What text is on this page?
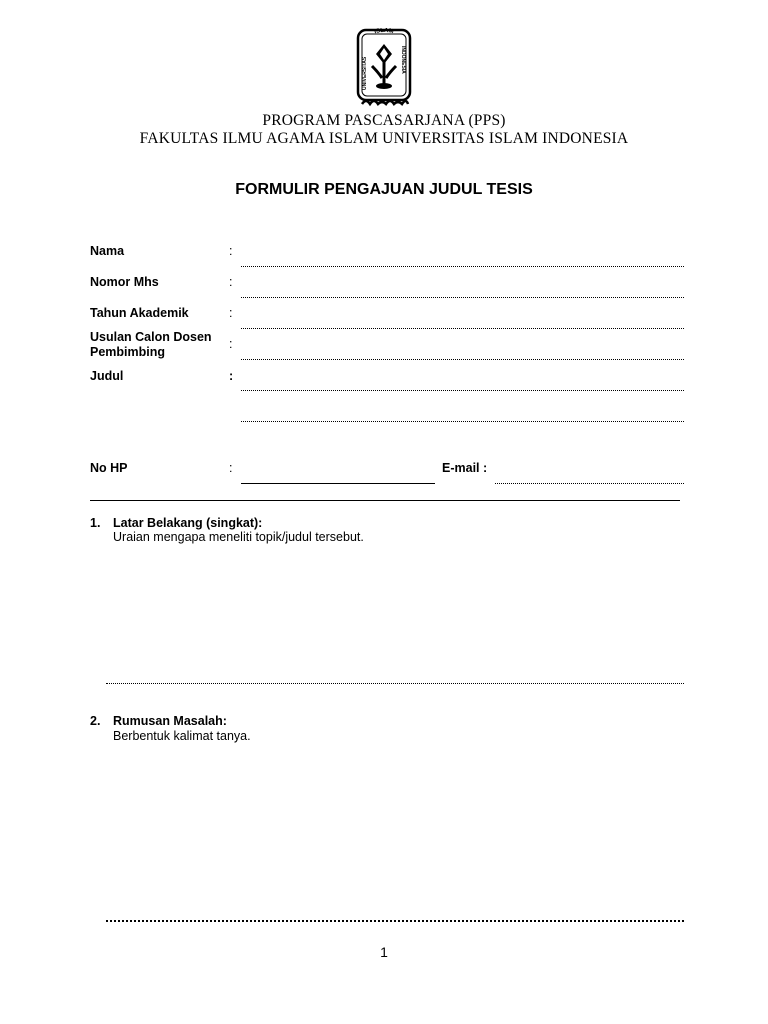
ISLAM
UNIVERSITAS	INDONESIA
PROGRAM PASCASARJANA (PPS)
FAKULTAS ILMU AGAMA ISLAM UNIVERSITAS ISLAM INDONESIA
FORMULIR PENGAJUAN JUDUL TESIS
Nama	:
Nomor Mhs	:
Tahun Akademik	:
Usulan Calon Dosen
Pembimbing
:
Judul	:
No HP	:	E-mail :
1. Latar Belakang (singkat):
Uraian mengapa meneliti topik/judul tersebut.
2. Rumusan Masalah:
Berbentuk kalimat tanya.
1
